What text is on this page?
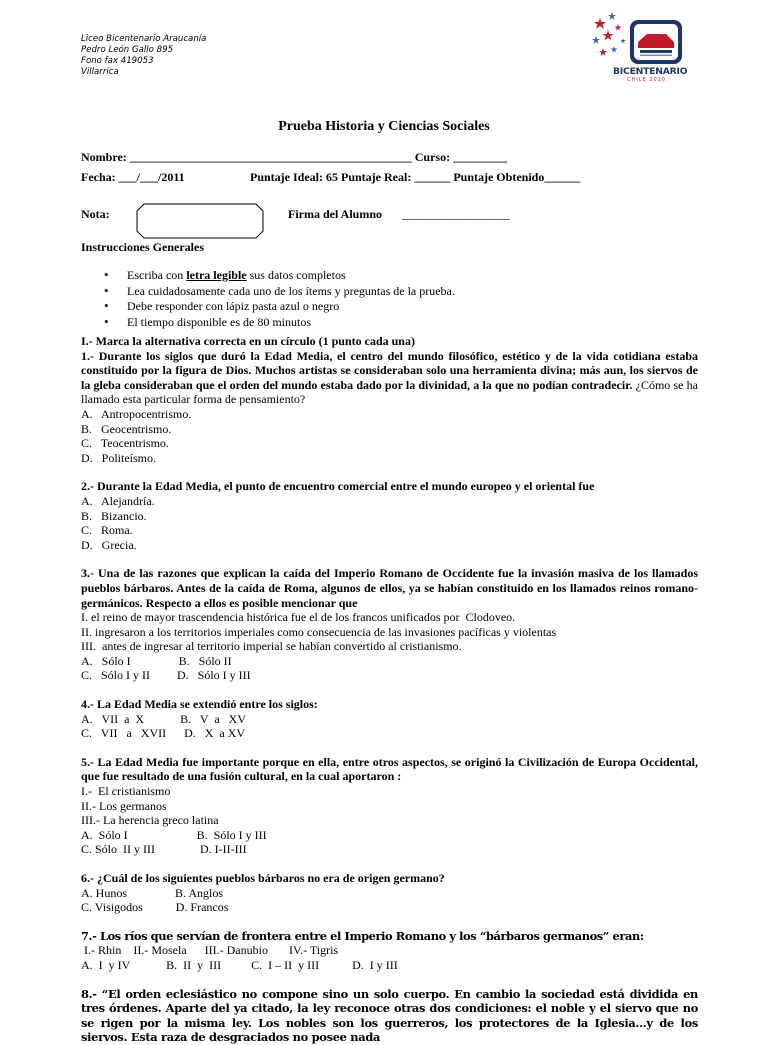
Liceo Bicentenario Araucanía
Pedro León Gallo 895
Fono fax 419053
Villarrica	BICENTENARIO
CHILE 2010
Prueba Historia y Ciencias Sociales
Nombre: _______________________________________________ Curso: _________
Fecha: ___/___/2011	Puntaje Ideal: 65 Puntaje Real: ______ Puntaje Obtenido______
Nota:	Firma del Alumno __________________
Instrucciones Generales
• Escriba con letra legible sus datos completos
• Lea cuidadosamente cada uno de los ítems y preguntas de la prueba.
• Debe responder con lápiz pasta azul o negro
• El tiempo disponible es de 80 minutos

I.- Marca la alternativa correcta en un círculo (1 punto cada una)

1.- Durante los siglos que duró la Edad Media, el centro del mundo filosófico, estético y de la vida cotidiana estaba constituido por la figura de Dios. Muchos artistas se consideraban solo una herramienta divina; más aun, los siervos de la gleba consideraban que el orden del mundo estaba dado por la divinidad, a la que no podían contradecir. ¿Cómo se ha llamado esta particular forma de pensamiento?

A.   Antropocentrismo.
B.   Geocentrismo.
C.   Teocentrismo.
D.   Politeísmo.

2.- Durante la Edad Media, el punto de encuentro comercial entre el mundo europeo y el oriental fue

A.   Alejandría.
B.   Bizancio.
C.   Roma.
D.   Grecia.

3.- Una de las razones que explican la caída del Imperio Romano de Occidente fue la invasión masiva de los llamados pueblos bárbaros. Antes de la caída de Roma, algunos de ellos, ya se habían constituido en los llamados reinos romano-germánicos. Respecto a ellos es posible mencionar que

I. el reino de mayor trascendencia histórica fue el de los francos unificados por  Clodoveo.
II. ingresaron a los territorios imperiales como consecuencia de las invasiones pacíficas y violentas
III.  antes de ingresar al territorio imperial se habían convertido al cristianismo.
A.   Sólo I                B.   Sólo II
C.   Sólo I y II         D.   Sólo I y III

4.- La Edad Media se extendió entre los siglos:

A.   VII  a  X            B.   V  a   XV
C.   VII   a   XVII      D.   X  a XV

5.- La Edad Media fue importante porque en ella, entre otros aspectos, se originó la Civilización de Europa Occidental, que fue resultado de una fusión cultural, en la cual aportaron :

I.-  El cristianismo
II.- Los germanos
III.- La herencia greco latina
A.  Sólo I                       B.  Sólo I y III
C. Sólo  II y III               D. I-II-III

6.- ¿Cuál de los siguientes pueblos bárbaros no era de origen germano?

A. Hunos                B. Anglos
C. Visigodos           D. Francos

7.- Los ríos que servían de frontera entre el Imperio Romano y los “bárbaros germanos” eran:

I.- Rhin    II.- Mosela      III.- Danubio       IV.- Tigris
A.  I  y IV            B.  II  y  III          C.  I – II  y III           D.  I y III

8.- “El orden eclesiástico no compone sino un solo cuerpo. En cambio la sociedad está dividida en tres órdenes. Aparte del ya citado, la ley reconoce otras dos condiciones: el noble y el siervo que no se rigen por la misma ley. Los nobles son los guerreros, los protectores de la Iglesia...y de los siervos. Esta raza de desgraciados no posee nada
